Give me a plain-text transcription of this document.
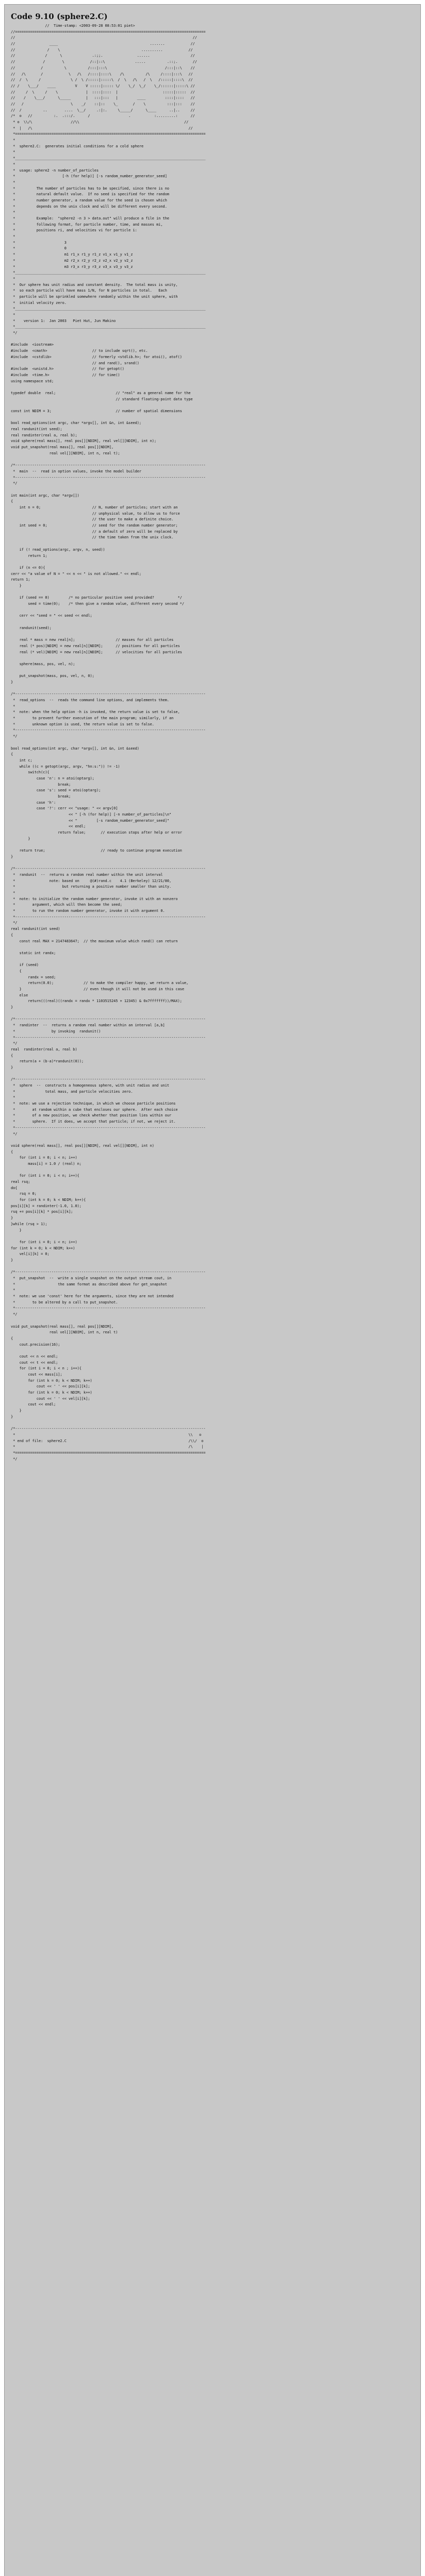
Code 9.10 (sphere2.C)
//  Time-stamp: <2003-09-28 08:53:01 piet>
//=========================================================================================
//                                                                                   //
//                ____                                           .......            //
//               /    \                                      ..........            //
//              /      \              .:;;.                ......                   //
//             /        \            /::|::\              .....          .::;.       //
//            /          \          /:::|:::\                           /:::|::\    //
//   /\       /            \   /\   /::::|::::\    /\          /\     /::::|:::\   //
//  /  \     /              \ /  \ /:::::|:::::\  /  \   /\   /  \   /:::::|::::\  //
// /    \___/    ____         V    V :::::|::::: \/    \_/  \_/    \_/::::::|:::::\ //
//     /  \     /    \             |  ::::|::::  |                     :::::|:::::  //
//    /    \___/      \_____       |   :::|:::   |         ____         ::::|::::   //
//   /                      \    _/    ::|::    \_       /    \          :::|:::    //
//  /          ..        ....  \__/     .:|:.     \_____/      \____      ..|..     //
/*  o   //          :.  .:::/.      /                  .           :.........:      //
* o  \\/\                  //\\                                                 //
*  |   /\                                                                         //
*=========================================================================================
*
*  sphere2.C:  generates initial conditions for a cold sphere
*
*_________________________________________________________________________________________
*
*  usage: sphere2 -n number_of_particles
*                      [-h (for help)] [-s random_number_generator_seed]
*
*          The number of particles has to be specified, since there is no
*          natural default value.  If no seed is specified for the random
*          number generator, a random value for the seed is chosen which
*          depends on the unix clock and will be different every second.
*
*          Example:  "sphere2 -n 3 > data.out" will produce a file in the
*          following format, for particle number, time, and masses mi,
*          positions ri, and velocities vi for particle i:
*
*                       3
*                       0
*                       m1 r1_x r1_y r1_z v1_x v1_y v1_z
*                       m2 r2_x r2_y r2_z v2_x v2_y v2_z
*                       m3 r3_x r3_y r3_z v3_x v3_y v3_z
*_________________________________________________________________________________________
*
*  Our sphere has unit radius and constant density.  The total mass is unity,
*  so each particle will have mass 1/N, for N particles in total.   Each
*  particle will be sprinkled somewhere randomly within the unit sphere, with
*  initial velocity zero.
*_________________________________________________________________________________________
*
*    version 1:  Jan 2003   Piet Hut, Jun Makino
*_________________________________________________________________________________________
*/
#include  <iostream>
#include  <cmath>                     // to include sqrt(), etc.
#include  <cstdlib>                   // formerly <stdlib.h>; for atoi(), atof()
// and rand(), srand()
#include  <unistd.h>                  // for getopt()
#include  <time.h>                    // for time()
using namespace std;
typedef double  real;                            // "real" as a general name for the
// standard floating-point data type
const int NDIM = 3;                              // number of spatial dimensions
bool read_options(int argc, char *argv[], int &n, int &seed);
real randunit(int seed);
real randinter(real a, real b);
void sphere(real mass[], real pos[][NDIM], real vel[][NDIM], int n);
void put_snapshot(real mass[], real pos[][NDIM],
real vel[][NDIM], int n, real t);
/*-----------------------------------------------------------------------------------------
*  main  --  read in option values, invoke the model builder
*-----------------------------------------------------------------------------------------
*/
int main(int argc, char *argv[])
{
int n = 0;                        // N, number of particles; start with an
// unphysical value, to allow us to force
// the user to make a definite choice.
int seed = 0;                     // seed for the random number generator;
// a default of zero will be replaced by
// the time taken from the unix clock.
if (! read_options(argc, argv, n, seed))
return 1;
if (n <= 0){
cerr << "a value of N = " << n << " is not allowed." << endl;
return 1;
}
if (seed == 0)         /* no particular positive seed provided?           */
seed = time(0);    /* then give a random value, different every second */
cerr << "seed = " << seed << endl;
randunit(seed);
real * mass = new real[n];                   // masses for all particles
real (* pos)[NDIM] = new real[n][NDIM];      // positions for all particles
real (* vel)[NDIM] = new real[n][NDIM];      // velocities for all particles
sphere(mass, pos, vel, n);
put_snapshot(mass, pos, vel, n, 0);
}
/*-----------------------------------------------------------------------------------------
*  read_options  --  reads the command line options, and implements them.
*
*  note: when the help option -h is invoked, the return value is set to false,
*        to prevent further execution of the main program; similarly, if an
*        unknown option is used, the return value is set to false.
*-----------------------------------------------------------------------------------------
*/
bool read_options(int argc, char *argv[], int &n, int &seed)
{
int c;
while ((c = getopt(argc, argv, "hn:s:")) != -1)
switch(c){
case 'n': n = atoi(optarg);
break;
case 's': seed = atoi(optarg);
break;
case 'h':
case '?': cerr << "usage: " << argv[0]
<< " [-h (for help)] [-n number_of_particles]\n"
<< "         [-s random_number_generator_seed]"
<< endl;
return false;       // execution stops after help or error
}
return true;                          // ready to continue program execution
}
/*-----------------------------------------------------------------------------------------
*  randunit  --  returns a random real number within the unit interval
*                note: based on     @(#)rand.c    4.1 (Berkeley) 12/21/80,
*                      but returning a positive number smaller than unity.
*
*  note: to initialize the random number generator, invoke it with an nonzero
*        argument, which will then become the seed;
*        to run the random number generator, invoke it with argument 0.
*-----------------------------------------------------------------------------------------
*/
real randunit(int seed)
{
const real MAX = 2147483647;  // the maximum value which rand() can return
static int randx;
if (seed)
{
randx = seed;
return(0.0);              // to make the compiler happy, we return a value,
}                             // even though it will not be used in this case
else
return(((real)((randx = randx * 1103515245 + 12345) & 0x7fffffff))/MAX);
}
/*-----------------------------------------------------------------------------------------
*  randinter  --  returns a random real number within an interval [a,b]
*                 by invoking  randunit()
*-----------------------------------------------------------------------------------------
*/
real  randinter(real a, real b)
{
return(a + (b-a)*randunit(0));
}
/*-----------------------------------------------------------------------------------------
*  sphere  --  constructs a homogeneous sphere, with unit radius and unit
*              total mass, and particle velocities zero.
*
*  note: we use a rejection technique, in which we choose particle positions
*        at random within a cube that encloses our sphere.  After each choice
*        of a new position, we check whether that position lies within our
*        sphere.  If it does, we accept that particle; if not, we reject it.
*-----------------------------------------------------------------------------------------
*/
void sphere(real mass[], real pos[][NDIM], real vel[][NDIM], int n)
{
for (int i = 0; i < n; i++)
mass[i] = 1.0 / (real) n;
for (int i = 0; i < n; i++){
real rsq;
do{
rsq = 0;
for (int k = 0; k < NDIM; k++){
pos[i][k] = randinter(-1.0, 1.0);
rsq += pos[i][k] * pos[i][k];
}
}while (rsq > 1);
}
for (int i = 0; i < n; i++)
for (int k = 0; k < NDIM; k++)
vel[i][k] = 0;
}
/*-----------------------------------------------------------------------------------------
*  put_snapshot  --  write a single snapshot on the output stream cout, in
*                    the same format as described above for get_snapshot
*
*  note: we use 'const' here for the arguments, since they are not intended
*        to be altered by a call to put_snapshot.
*-----------------------------------------------------------------------------------------
*/
void put_snapshot(real mass[], real pos[][NDIM],
real vel[][NDIM], int n, real t)
{
cout.precision(16);
cout << n << endl;
cout << t << endl;
for (int i = 0; i < n ; i++){
cout << mass[i];
for (int k = 0; k < NDIM; k++)
cout << ' ' << pos[i][k];
for (int k = 0; k < NDIM; k++)
cout << ' ' << vel[i][k];
cout << endl;
}
}
/*-----------------------------------------------------------------------------------------
*                                                                                 \\   o
* end of file:  sphere2.C                                                         /\\/  o
*                                                                                 /\    |
*=========================================================================================
*/
